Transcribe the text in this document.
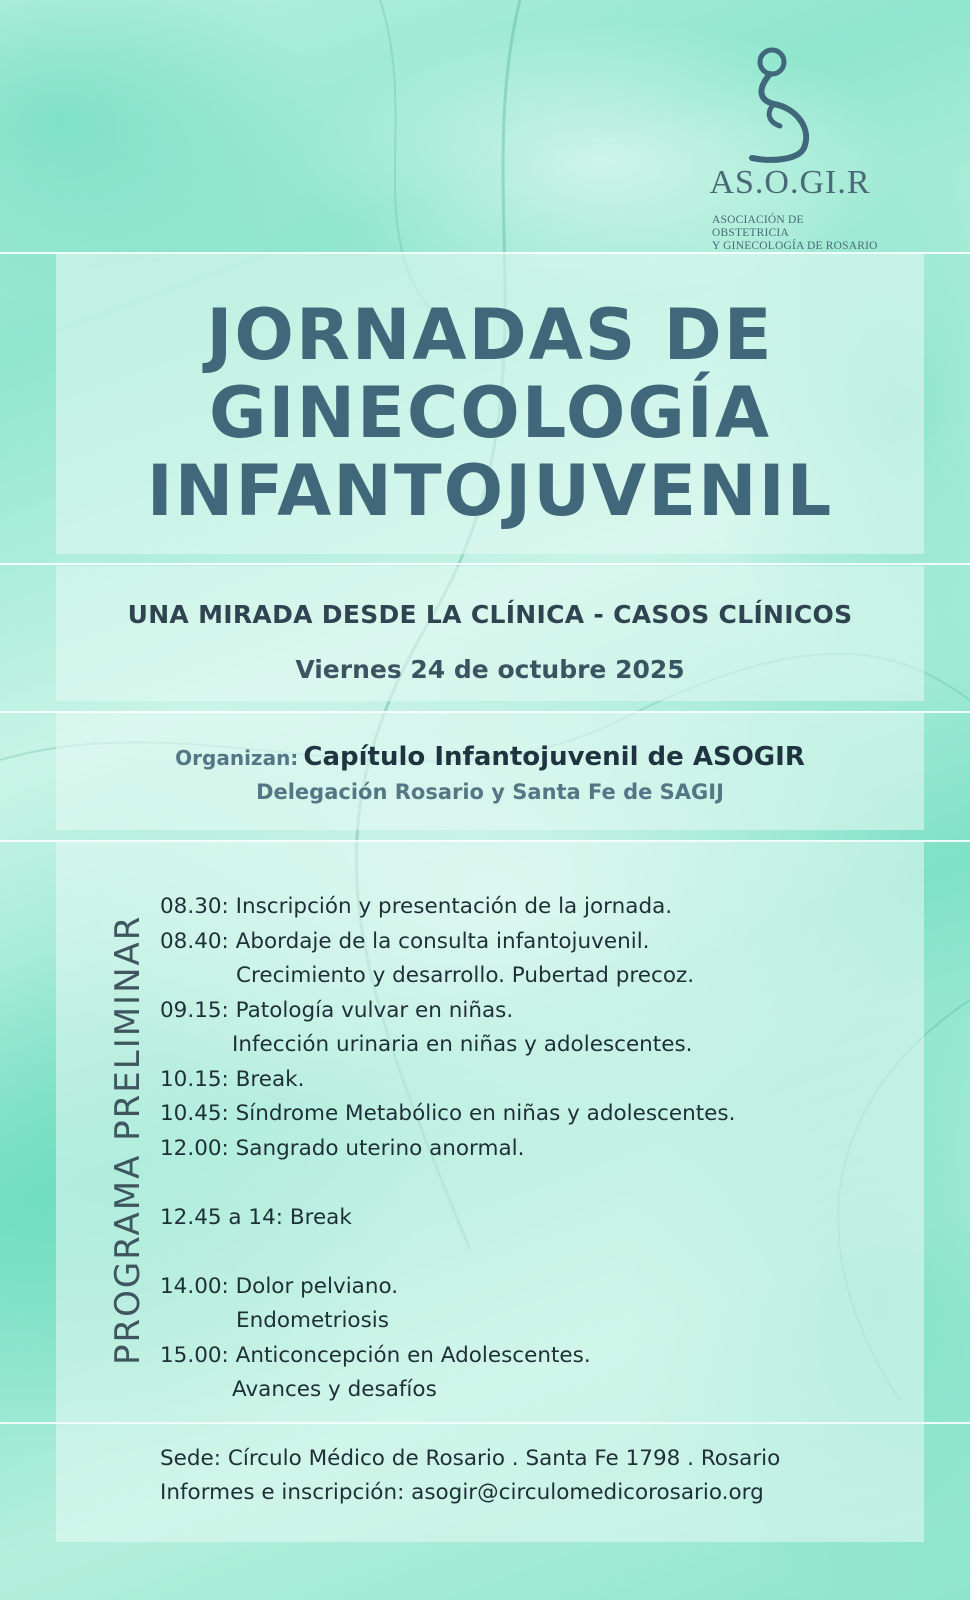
AS.O.GI.R
ASOCIACIÓN DE OBSTETRICIA
Y GINECOLOGÍA DE ROSARIO
JORNADAS DE
GINECOLOGÍA
INFANTOJUVENIL
UNA MIRADA DESDE LA CLÍNICA - CASOS CLÍNICOS
Viernes 24 de octubre 2025
Organizan: Capítulo Infantojuvenil de ASOGIR
Delegación Rosario y Santa Fe de SAGIJ
PROGRAMA PRELIMINAR
08.30: Inscripción y presentación de la jornada.
08.40: Abordaje de la consulta infantojuvenil.
Crecimiento y desarrollo. Pubertad precoz.
09.15: Patología vulvar en niñas.
Infección urinaria en niñas y adolescentes.
10.15: Break.
10.45: Síndrome Metabólico en niñas y adolescentes.
12.00: Sangrado uterino anormal.
12.45 a 14: Break
14.00: Dolor pelviano.
Endometriosis
15.00: Anticoncepción en Adolescentes.
Avances y desafíos
Sede: Círculo Médico de Rosario . Santa Fe 1798 . Rosario
Informes e inscripción: asogir@circulomedicorosario.org
